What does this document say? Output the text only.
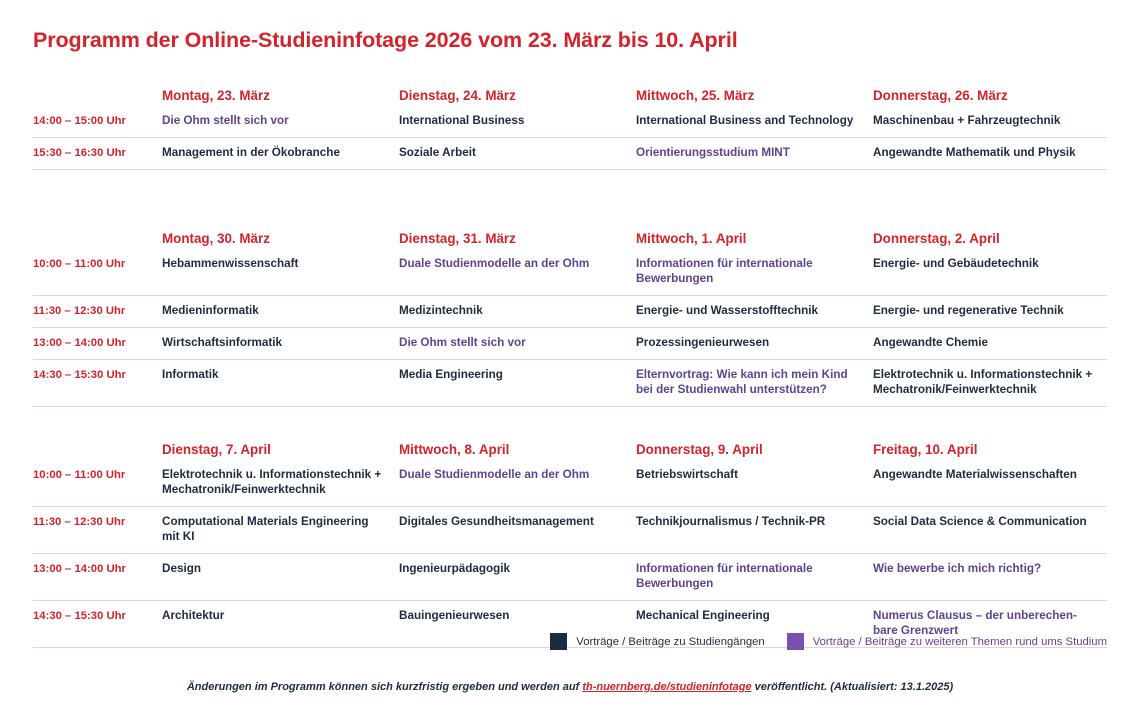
Programm der Online-Studieninfotage 2026 vom 23. März bis 10. April
	Montag, 23. März	Dienstag, 24. März	Mittwoch, 25. März	Donnerstag, 26. März
14:00 – 15:00 Uhr	Die Ohm stellt sich vor	International Business	International Business and Technology	Maschinenbau + Fahrzeugtechnik
15:30 – 16:30 Uhr	Management in der Ökobranche	Soziale Arbeit	Orientierungsstudium MINT	Angewandte Mathematik und Physik
	Montag, 30. März	Dienstag, 31. März	Mittwoch, 1. April	Donnerstag, 2. April
10:00 – 11:00 Uhr	Hebammenwissenschaft	Duale Studienmodelle an der Ohm	Informationen für internationale Bewerbungen	Energie- und Gebäudetechnik
11:30 – 12:30 Uhr	Medieninformatik	Medizintechnik	Energie- und Wasserstofftechnik	Energie- und regenerative Technik
13:00 – 14:00 Uhr	Wirtschaftsinformatik	Die Ohm stellt sich vor	Prozessingenieurwesen	Angewandte Chemie
14:30 – 15:30 Uhr	Informatik	Media Engineering	Elternvortrag: Wie kann ich mein Kind bei der Studienwahl unterstützen?	Elektrotechnik u. Informationstechnik + Mechatronik/Feinwerktechnik
	Dienstag, 7. April	Mittwoch, 8. April	Donnerstag, 9. April	Freitag, 10. April
10:00 – 11:00 Uhr	Elektrotechnik u. Informationstechnik + Mechatronik/Feinwerktechnik	Duale Studienmodelle an der Ohm	Betriebswirtschaft	Angewandte Materialwissenschaften
11:30 – 12:30 Uhr	Computational Materials Engineering mit KI	Digitales Gesundheitsmanagement	Technikjournalismus / Technik-PR	Social Data Science & Communication
13:00 – 14:00 Uhr	Design	Ingenieurpädagogik	Informationen für internationale Bewerbungen	Wie bewerbe ich mich richtig?
14:30 – 15:30 Uhr	Architektur	Bauingenieurwesen	Mechanical Engineering	Numerus Clausus – der unberechen-bare Grenzwert
Vorträge / Beiträge zu Studiengängen	Vorträge / Beiträge zu weiteren Themen rund ums Studium
Änderungen im Programm können sich kurzfristig ergeben und werden auf th-nuernberg.de/studieninfotage veröffentlicht. (Aktualisiert: 13.1.2025)
